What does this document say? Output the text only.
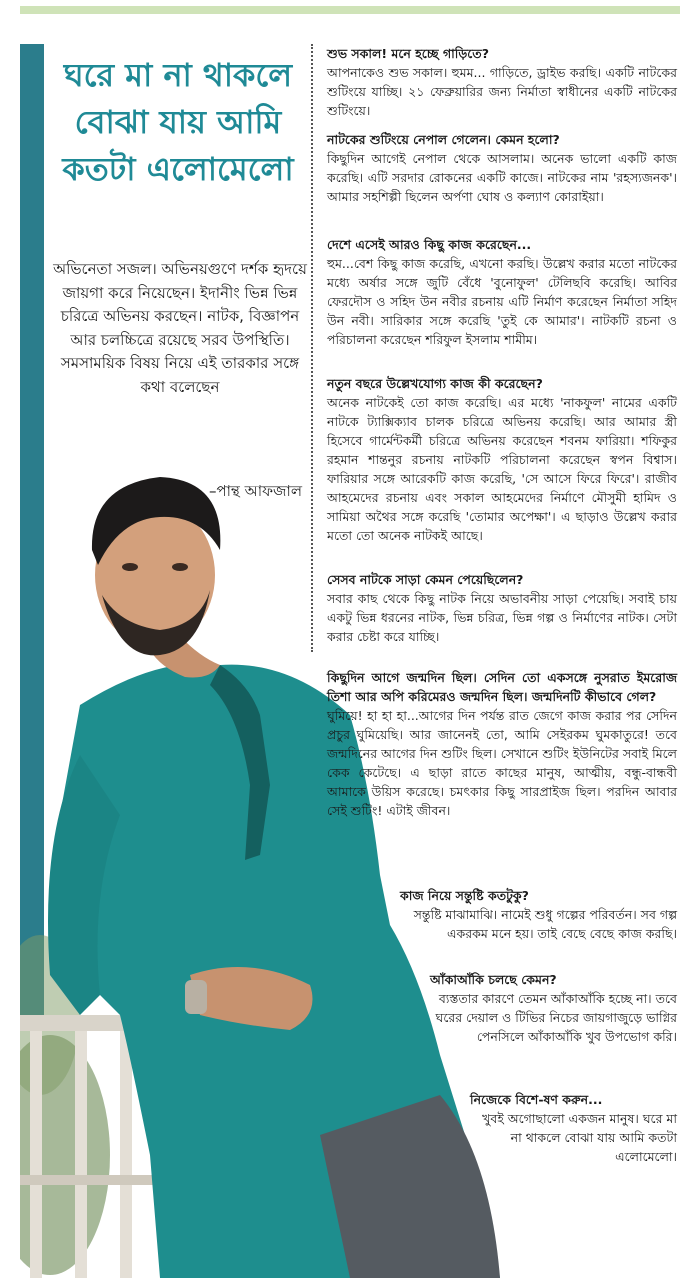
ঘরে মা না থাকলে বোঝা যায় আমি কতটা এলোমেলো

অভিনেতা সজল। অভিনয়গুণে দর্শক হৃদয়ে জায়গা করে নিয়েছেন। ইদানীং ভিন্ন ভিন্ন চরিত্রে অভিনয় করছেন। নাটক, বিজ্ঞাপন আর চলচ্চিত্রে রয়েছে সরব উপস্থিতি। সমসাময়িক বিষয় নিয়ে এই তারকার সঙ্গে কথা বলেছেন

–পান্থ আফজাল
শুভ সকাল! মনে হচ্ছে গাড়িতে?
আপনাকেও শুভ সকাল। হুমম... গাড়িতে, ড্রাইভ করছি। একটি নাটকের শুটিংয়ে যাচ্ছি। ২১ ফেব্রুয়ারির জন্য নির্মাতা স্বাধীনের একটি নাটকের শুটিংয়ে।
নাটকের শুটিংয়ে নেপাল গেলেন। কেমন হলো?
কিছুদিন আগেই নেপাল থেকে আসলাম। অনেক ভালো একটি কাজ করেছি। এটি সরদার রোকনের একটি কাজে। নাটকের নাম 'রহস্যজনক'। আমার সহশিল্পী ছিলেন অর্পণা ঘোষ ও কল্যাণ কোরাইয়া।
দেশে এসেই আরও কিছু কাজ করেছেন...
হুম...বেশ কিছু কাজ করেছি, এখনো করছি। উল্লেখ করার মতো নাটকের মধ্যে অর্ষার সঙ্গে জুটি বেঁধে 'বুনোফুল' টেলিছবি করেছি। আবির ফেরদৌস ও সহিদ উন নবীর রচনায় এটি নির্মাণ করেছেন নির্মাতা সহিদ উন নবী। সারিকার সঙ্গে করেছি 'তুই কে আমার'। নাটকটি রচনা ও পরিচালনা করেছেন শরিফুল ইসলাম শামীম।
নতুন বছরে উল্লেখযোগ্য কাজ কী করেছেন?
অনেক নাটকেই তো কাজ করেছি। এর মধ্যে 'নাকফুল' নামের একটি নাটকে ট্যাক্সিক্যাব চালক চরিত্রে অভিনয় করেছি। আর আমার স্ত্রী হিসেবে গার্মেন্টকর্মী চরিত্রে অভিনয় করেছেন শবনম ফারিয়া। শফিকুর রহমান শান্তনুর রচনায় নাটকটি পরিচালনা করেছেন স্বপন বিশ্বাস। ফারিয়ার সঙ্গে আরেকটি কাজ করেছি, 'সে আসে ফিরে ফিরে'। রাজীব আহমেদের রচনায় এবং সকাল আহমেদের নির্মাণে মৌসুমী হামিদ ও সামিয়া অথৈর সঙ্গে করেছি 'তোমার অপেক্ষা'। এ ছাড়াও উল্লেখ করার মতো তো অনেক নাটকই আছে।
সেসব নাটকে সাড়া কেমন পেয়েছিলেন?
সবার কাছ থেকে কিছু নাটক নিয়ে অভাবনীয় সাড়া পেয়েছি। সবাই চায় একটু ভিন্ন ধরনের নাটক, ভিন্ন চরিত্র, ভিন্ন গল্প ও নির্মাণের নাটক। সেটা করার চেষ্টা করে যাচ্ছি।
কিছুদিন আগে জন্মদিন ছিল। সেদিন তো একসঙ্গে নুসরাত ইমরোজ তিশা আর অপি করিমেরও জন্মদিন ছিল। জন্মদিনটি কীভাবে গেল?
ঘুমিয়ে! হা হা হা...আগের দিন পর্যন্ত রাত জেগে কাজ করার পর সেদিন প্রচুর ঘুমিয়েছি। আর জানেনই তো, আমি সেইরকম ঘুমকাতুরে! তবে জন্মদিনের আগের দিন শুটিং ছিল। সেখানে শুটিং ইউনিটের সবাই মিলে কেক কেটেছে। এ ছাড়া রাতে কাছের মানুষ, আত্মীয়, বন্ধু-বান্ধবী আমাকে উয়িস করেছে। চমৎকার কিছু সারপ্রাইজ ছিল। পরদিন আবার সেই শুটিং! এটাই জীবন।
কাজ নিয়ে সন্তুষ্টি কতটুকু?
সন্তুষ্টি মাঝামাঝি। নামেই শুধু গল্পের পরিবর্তন। সব গল্প একরকম মনে হয়। তাই বেছে বেছে কাজ করছি।
আঁকাআঁকি চলছে কেমন?
ব্যস্ততার কারণে তেমন আঁকাআঁকি হচ্ছে না। তবে ঘরের দেয়াল ও টিভির নিচের জায়গাজুড়ে ভাগ্নির পেনসিলে আঁকাআঁকি খুব উপভোগ করি।
নিজেকে বিশে-ষণ করুন...
খুবই অগোছালো একজন মানুষ। ঘরে মা না থাকলে বোঝা যায় আমি কতটা এলোমেলো।
